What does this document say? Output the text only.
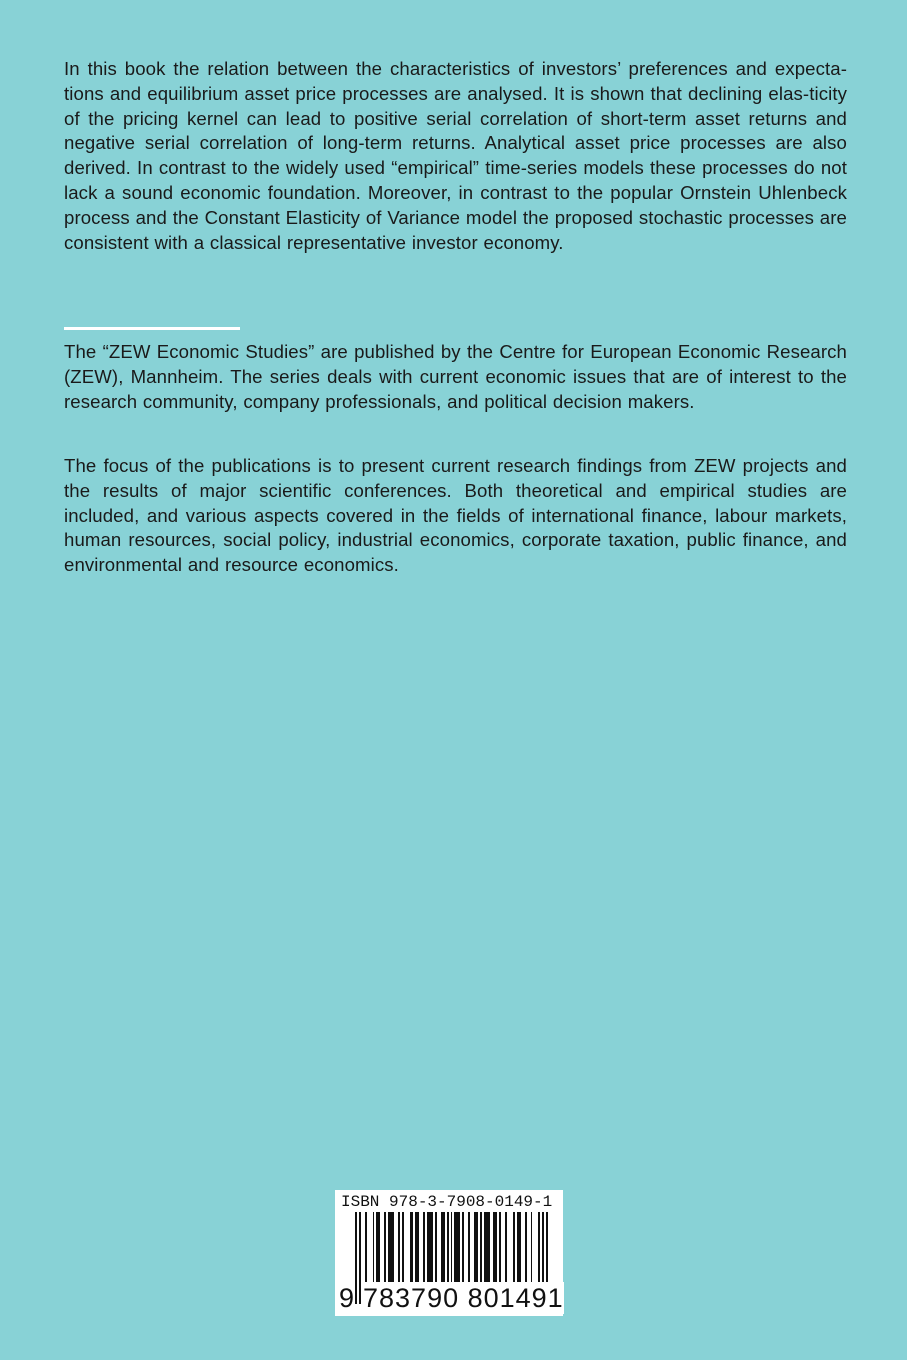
In this book the relation between the characteristics of investors’ preferences and expecta-tions and equilibrium asset price processes are analysed. It is shown that declining elas-ticity of the pricing kernel can lead to positive serial correlation of short-term asset returns and negative serial correlation of long-term returns. Analytical asset price processes are also derived. In contrast to the widely used “empirical” time-series models these processes do not lack a sound economic foundation. Moreover, in contrast to the popular Ornstein Uhlenbeck process and the Constant Elasticity of Variance model the proposed stochastic processes are consistent with a classical representative investor economy.

The “ZEW Economic Studies” are published by the Centre for European Economic Research (ZEW), Mannheim. The series deals with current economic issues that are of interest to the research community, company professionals, and political decision makers.

The focus of the publications is to present current research findings from ZEW projects and the results of major scientific conferences. Both theoretical and empirical studies are included, and various aspects covered in the fields of international finance, labour markets, human resources, social policy, industrial economics, corporate taxation, public finance, and environmental and resource economics.

ISBN 978-3-7908-0149-1
9 783790 801491
